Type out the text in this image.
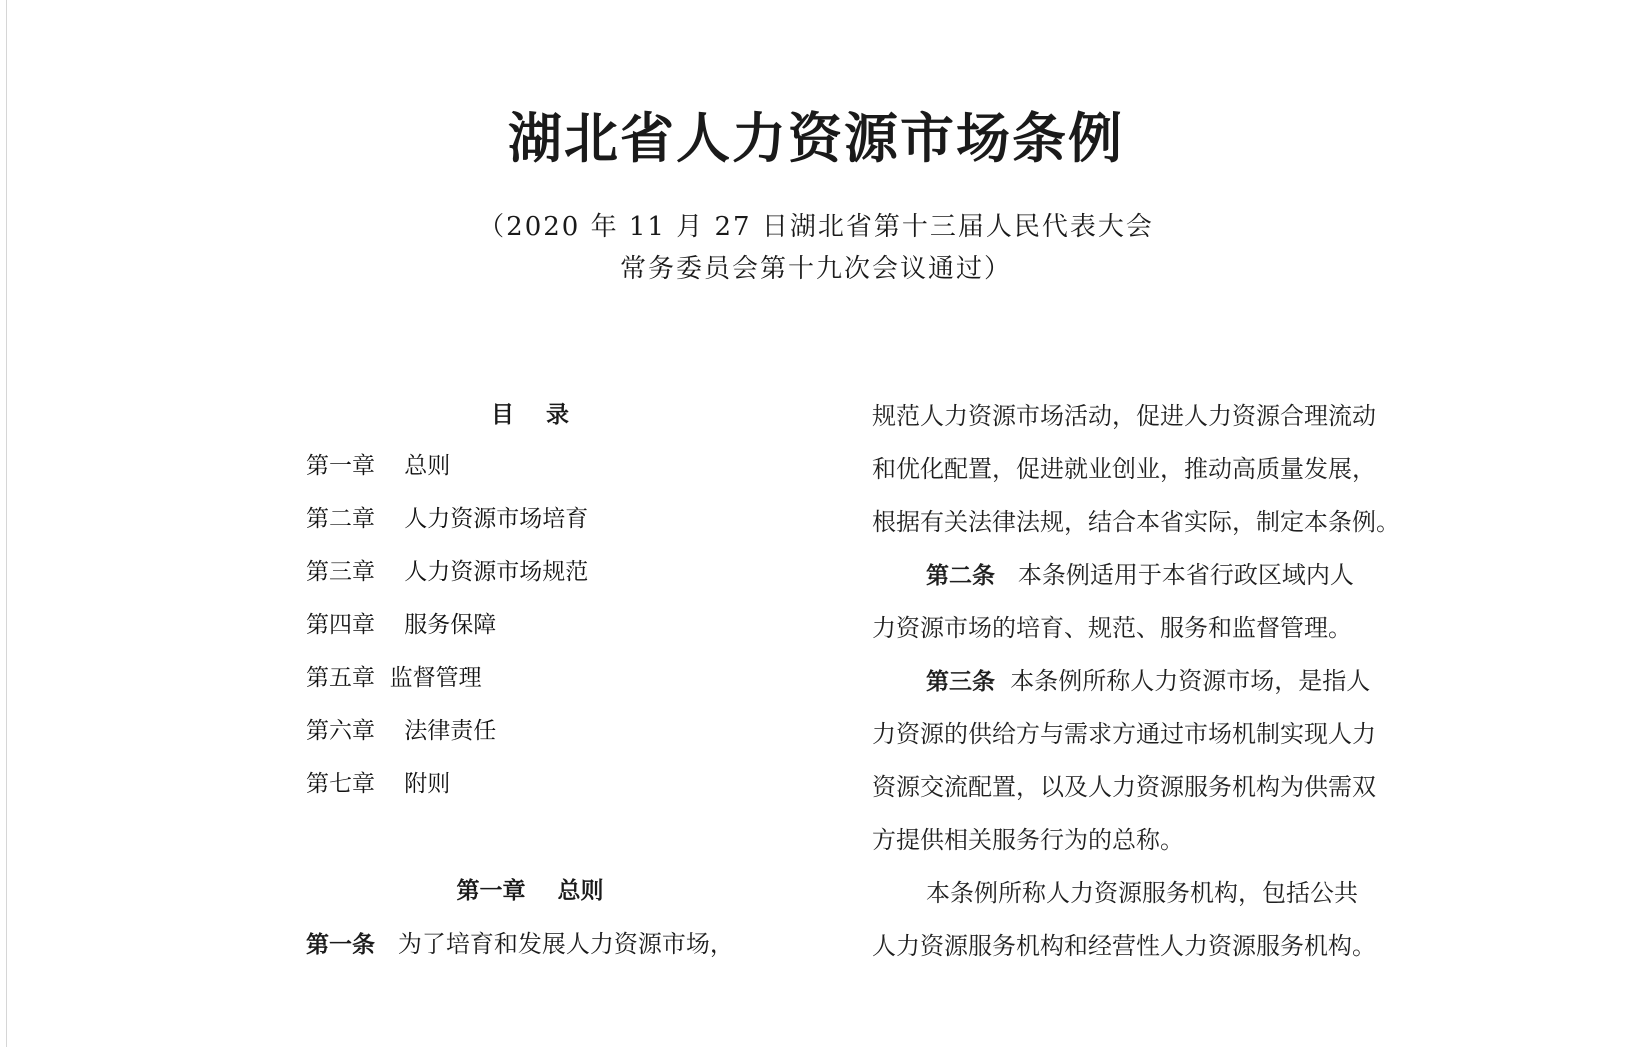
湖北省人力资源市场条例

（2020 年 11 月 27 日湖北省第十三届人民代表大会

常务委员会第十九次会议通过）

目    录
第一章    总则
第二章    人力资源市场培育
第三章    人力资源市场规范
第四章    服务保障
第五章  监督管理
第六章    法律责任
第七章    附则
第一章    总则

第一条   为了培育和发展人力资源市场，

规范人力资源市场活动，促进人力资源合理流动
和优化配置，促进就业创业，推动高质量发展，
根据有关法律法规，结合本省实际，制定本条例。
第二条   本条例适用于本省行政区域内人
力资源市场的培育、规范、服务和监督管理。
第三条  本条例所称人力资源市场，是指人
力资源的供给方与需求方通过市场机制实现人力
资源交流配置，以及人力资源服务机构为供需双
方提供相关服务行为的总称。
本条例所称人力资源服务机构，包括公共
人力资源服务机构和经营性人力资源服务机构。
